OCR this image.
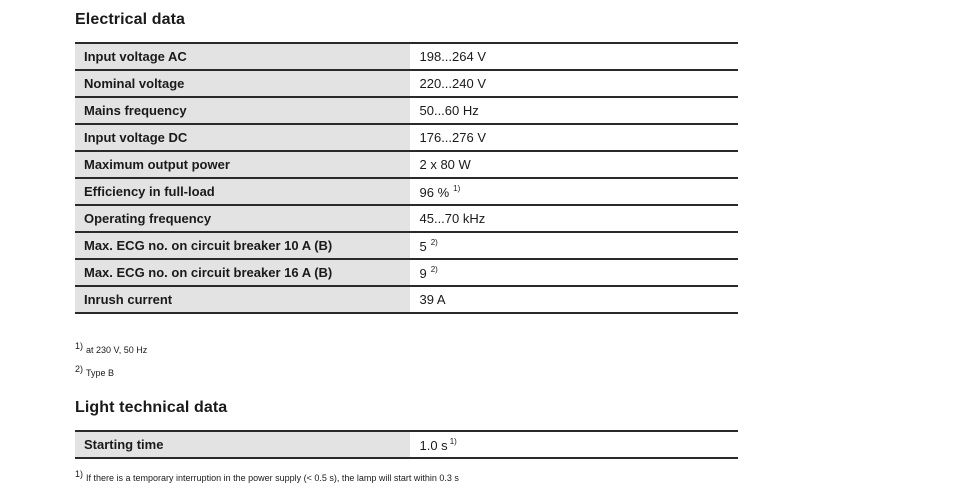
Electrical data
Input voltage AC	198...264 V
Nominal voltage	220...240 V
Mains frequency	50...60 Hz
Input voltage DC	176...276 V
Maximum output power	2 x 80 W
Efficiency in full-load	96 % $^{1)}$
Operating frequency	45...70 kHz
Max. ECG no. on circuit breaker 10 A (B)	5 $^{2)}$
Max. ECG no. on circuit breaker 16 A (B)	9 $^{2)}$
Inrush current	39 A
1) at 230 V, 50 Hz
2) Type B
Light technical data
Starting time	1.0 s $^{1)}$
1) If there is a temporary interruption in the power supply (< 0.5 s), the lamp will start within 0.3 s
